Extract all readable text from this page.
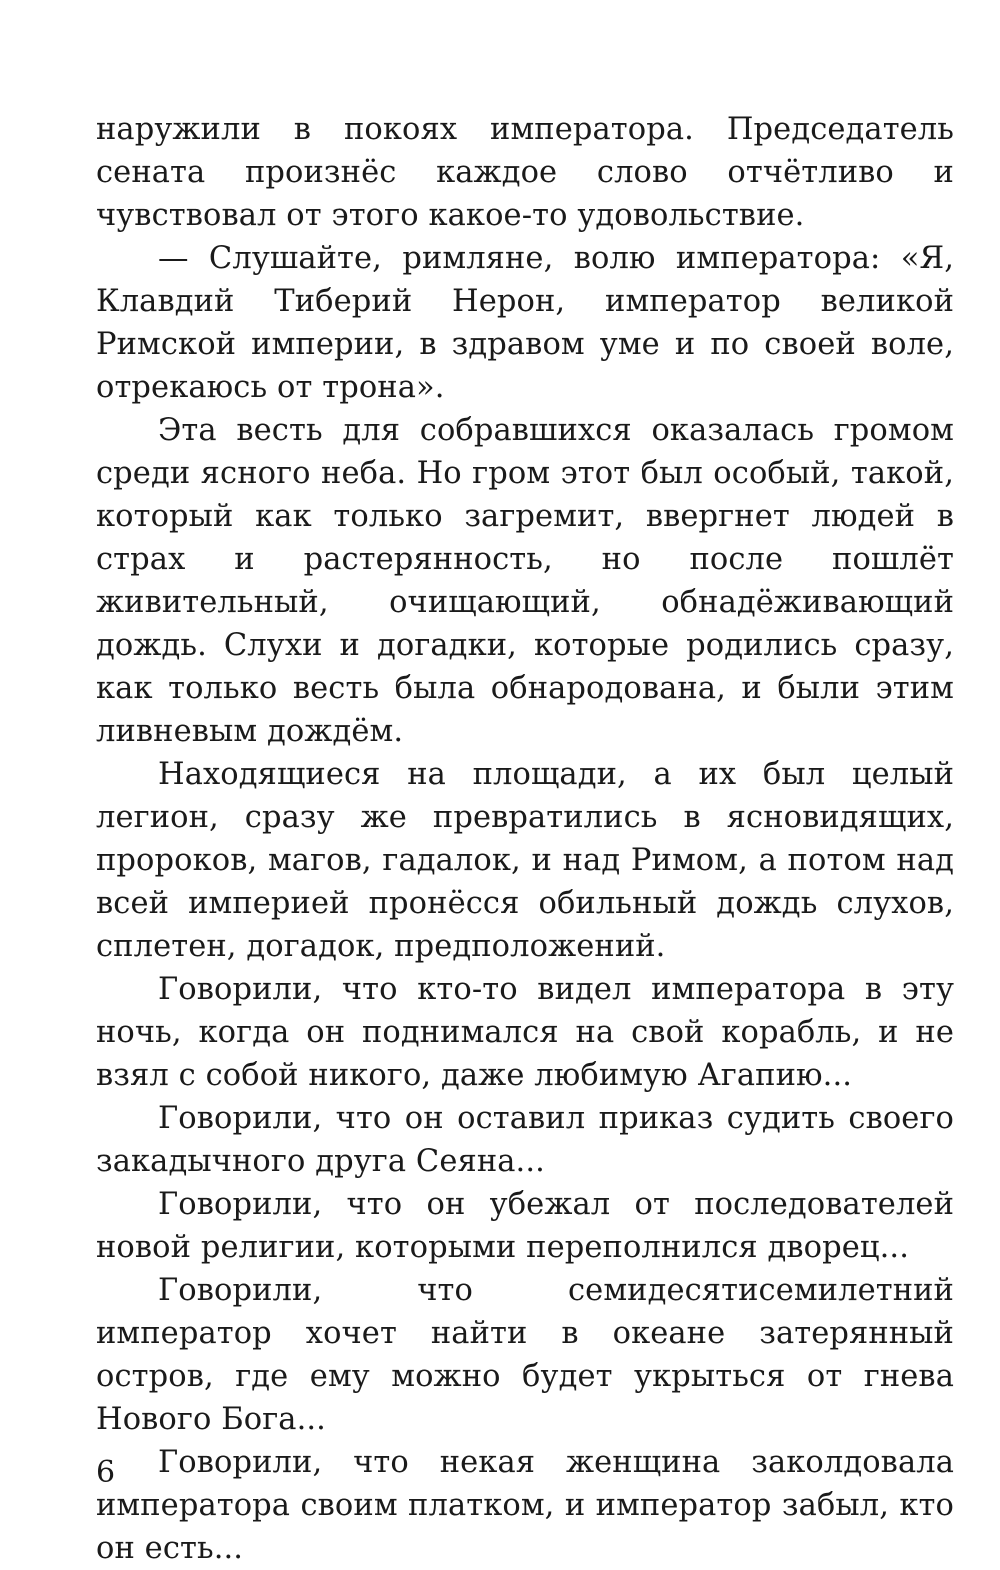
наружили в покоях императора. Председатель сената произнёс каждое слово отчётливо и чувствовал от этого какое-то удовольствие.

— Слушайте, римляне, волю императора: «Я, Клавдий Тиберий Нерон, император великой Римской империи, в здравом уме и по своей воле, отрекаюсь от трона».

Эта весть для собравшихся оказалась громом среди ясного неба. Но гром этот был особый, такой, который как только загремит, ввергнет людей в страх и растерянность, но после пошлёт живительный, очищающий, обнадёживающий дождь. Слухи и догадки, которые родились сразу, как только весть была обнародована, и были этим ливневым дождём.

Находящиеся на площади, а их был целый легион, сразу же превратились в ясновидящих, пророков, магов, гадалок, и над Римом, а потом над всей империей пронёсся обильный дождь слухов, сплетен, догадок, предположений.

Говорили, что кто-то видел императора в эту ночь, когда он поднимался на свой корабль, и не взял с собой никого, даже любимую Агапию...

Говорили, что он оставил приказ судить своего закадычного друга Сеяна...

Говорили, что он убежал от последователей новой религии, которыми переполнился дворец...

Говорили, что семидесятисемилетний император хочет найти в океане затерянный остров, где ему можно будет укрыться от гнева Нового Бога...

Говорили, что некая женщина заколдовала императора своим платком, и император забыл, кто он есть...

6
